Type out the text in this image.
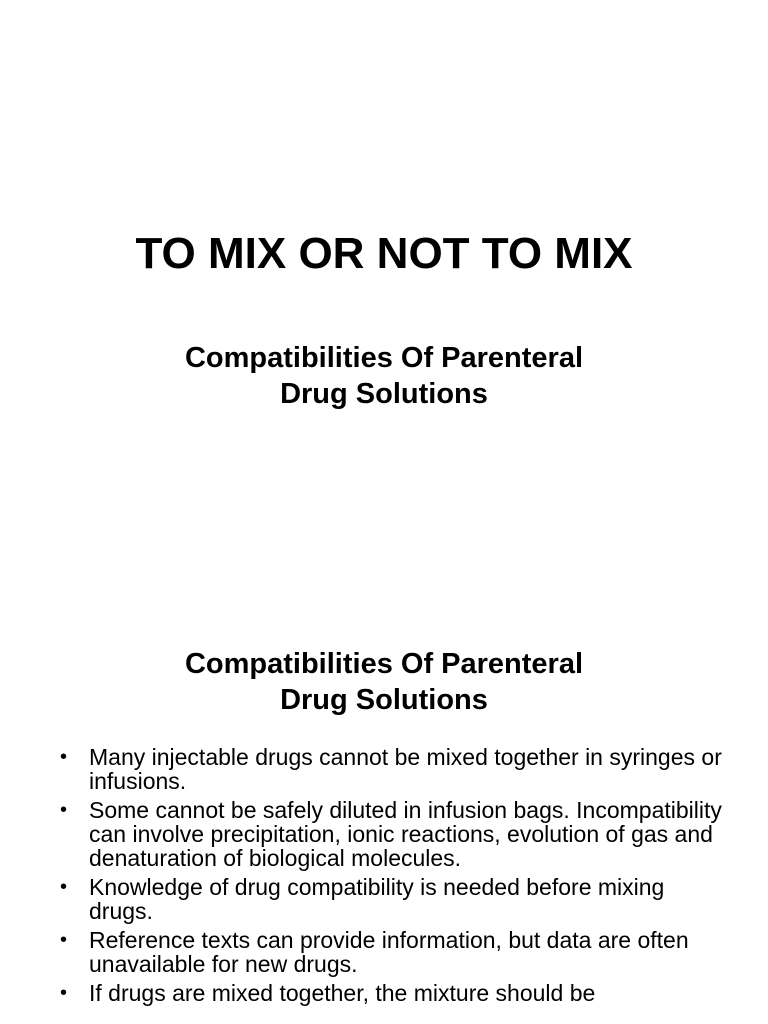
TO MIX OR NOT TO MIX
Compatibilities Of Parenteral
Drug Solutions
Compatibilities Of Parenteral
Drug Solutions
• Many injectable drugs cannot be mixed together in syringes or infusions.
• Some cannot be safely diluted in infusion bags. Incompatibility can involve precipitation, ionic reactions, evolution of gas and denaturation of biological molecules.
• Knowledge of drug compatibility is needed before mixing drugs.
• Reference texts can provide information, but data are often unavailable for new drugs.
• If drugs are mixed together, the mixture should be
